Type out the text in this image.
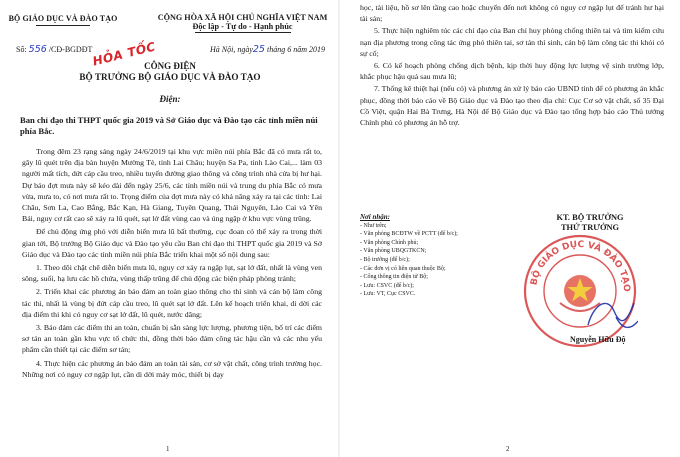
BỘ GIÁO DỤC VÀ ĐÀO TẠO	CỘNG HÒA XÃ HỘI CHỦ NGHĨA VIỆT NAM
Độc lập - Tự do - Hạnh phúc
Số: 556 /CĐ-BGDĐT
HỎA TỐC	Hà Nội, ngày25 tháng 6 năm 2019
CÔNG ĐIỆN
BỘ TRƯỞNG BỘ GIÁO DỤC VÀ ĐÀO TẠO
Điện:
Ban chỉ đạo thi THPT quốc gia 2019 và Sở Giáo dục và Đào tạo các tỉnh miền núi phía Bắc.

Trong đêm 23 rạng sáng ngày 24/6/2019 tại khu vực miền núi phía Bắc đã có mưa rất to, gây lũ quét trên địa bàn huyện Mường Tè, tỉnh Lai Châu; huyện Sa Pa, tỉnh Lào Cai,... làm 03 người mất tích, dứt cáp cầu treo, nhiều tuyến đường giao thông và công trình nhà cửa bị hư hại. Dự báo đợt mưa này sẽ kéo dài đến ngày 25/6, các tỉnh miền núi và trung du phía Bắc có mưa vừa, mưa to, có nơi mưa rất to. Trọng điểm của đợt mưa này có khả năng xảy ra tại các tỉnh: Lai Châu, Sơn La, Cao Bằng, Bắc Kạn, Hà Giang, Tuyên Quang, Thái Nguyên, Lào Cai và Yên Bái, nguy cơ rất cao sẽ xảy ra lũ quét, sạt lở đất vùng cao và úng ngập ở khu vực vùng trũng.

Để chủ động ứng phó với diễn biến mưa lũ bất thường, cục đoan có thể xảy ra trong thời gian tới, Bộ trưởng Bộ Giáo dục và Đào tạo yêu cầu Ban chỉ đạo thi THPT quốc gia 2019 và Sở Giáo dục và Đào tạo các tỉnh miền núi phía Bắc triển khai một số nội dung sau:

1. Theo dõi chặt chẽ diễn biến mưa lũ, nguy cơ xảy ra ngập lụt, sạt lở đất, nhất là vùng ven sông, suối, hạ lưu các hồ chứa, vùng thấp trũng để chủ động các biện pháp phòng tránh;

2. Triển khai các phương án bảo đảm an toàn giao thông cho thí sinh và cán bộ làm công tác thi, nhất là vùng bị đứt cáp cầu treo, lũ quét sạt lở đất. Lên kế hoạch triển khai, di dời các địa điểm thi khi có nguy cơ sạt lở đất, lũ quét, nước dâng;

3. Bảo đảm các điểm thi an toàn, chuẩn bị sẵn sàng lực lượng, phương tiện, bố trí các điểm sơ tán an toàn gần khu vực tổ chức thi, đồng thời bảo đảm công tác hậu cần và các nhu yếu phẩm cần thiết tại các điểm sơ tán;

4. Thực hiện các phương án bảo đảm an toàn tài sản, cơ sở vật chất, công trình trường học. Những nơi có nguy cơ ngập lụt, cần di dời máy móc, thiết bị dạy

1

học, tài liệu, hồ sơ lên tầng cao hoặc chuyển đến nơi không có nguy cơ ngập lụt để tránh hư hại tài sản;

5. Thực hiện nghiêm túc các chỉ đạo của Ban chỉ huy phòng chống thiên tai và tìm kiếm cứu nạn địa phương trong công tác ứng phó thiên tai, sơ tán thí sinh, cán bộ làm công tác thi khỏi có sự cố;

6. Có kế hoạch phòng chống dịch bệnh, kịp thời huy động lực lượng vệ sinh trường lớp, khắc phục hậu quả sau mưa lũ;

7. Thống kê thiệt hại (nếu có) và phương án xử lý báo cáo UBND tỉnh để có phương án khắc phục, đồng thời báo cáo về Bộ Giáo dục và Đào tạo theo địa chỉ: Cục Cơ sở vật chất, số 35 Đại Cồ Việt, quận Hai Bà Trưng, Hà Nội để Bộ Giáo dục và Đào tạo tổng hợp báo cáo Thủ tướng Chính phủ có phương án hỗ trợ.

Nơi nhận:
- Như trên;
- Văn phòng BCĐTW về PCTT (để b/c);
- Văn phòng Chính phủ;
- Văn phòng UBQGTKCN;
- Bộ trưởng (để b/c);
- Các đơn vị có liên quan thuộc Bộ;
- Cổng thông tin điện tử Bộ;
- Lưu: CSVC (để b/c);
- Lưu: VT, Cục CSVC.
KT. BỘ TRƯỞNG
THỨ TRƯỞNG
BỘ GIÁO DỤC VÀ ĐÀO TẠO
Nguyễn Hữu Độ
2
